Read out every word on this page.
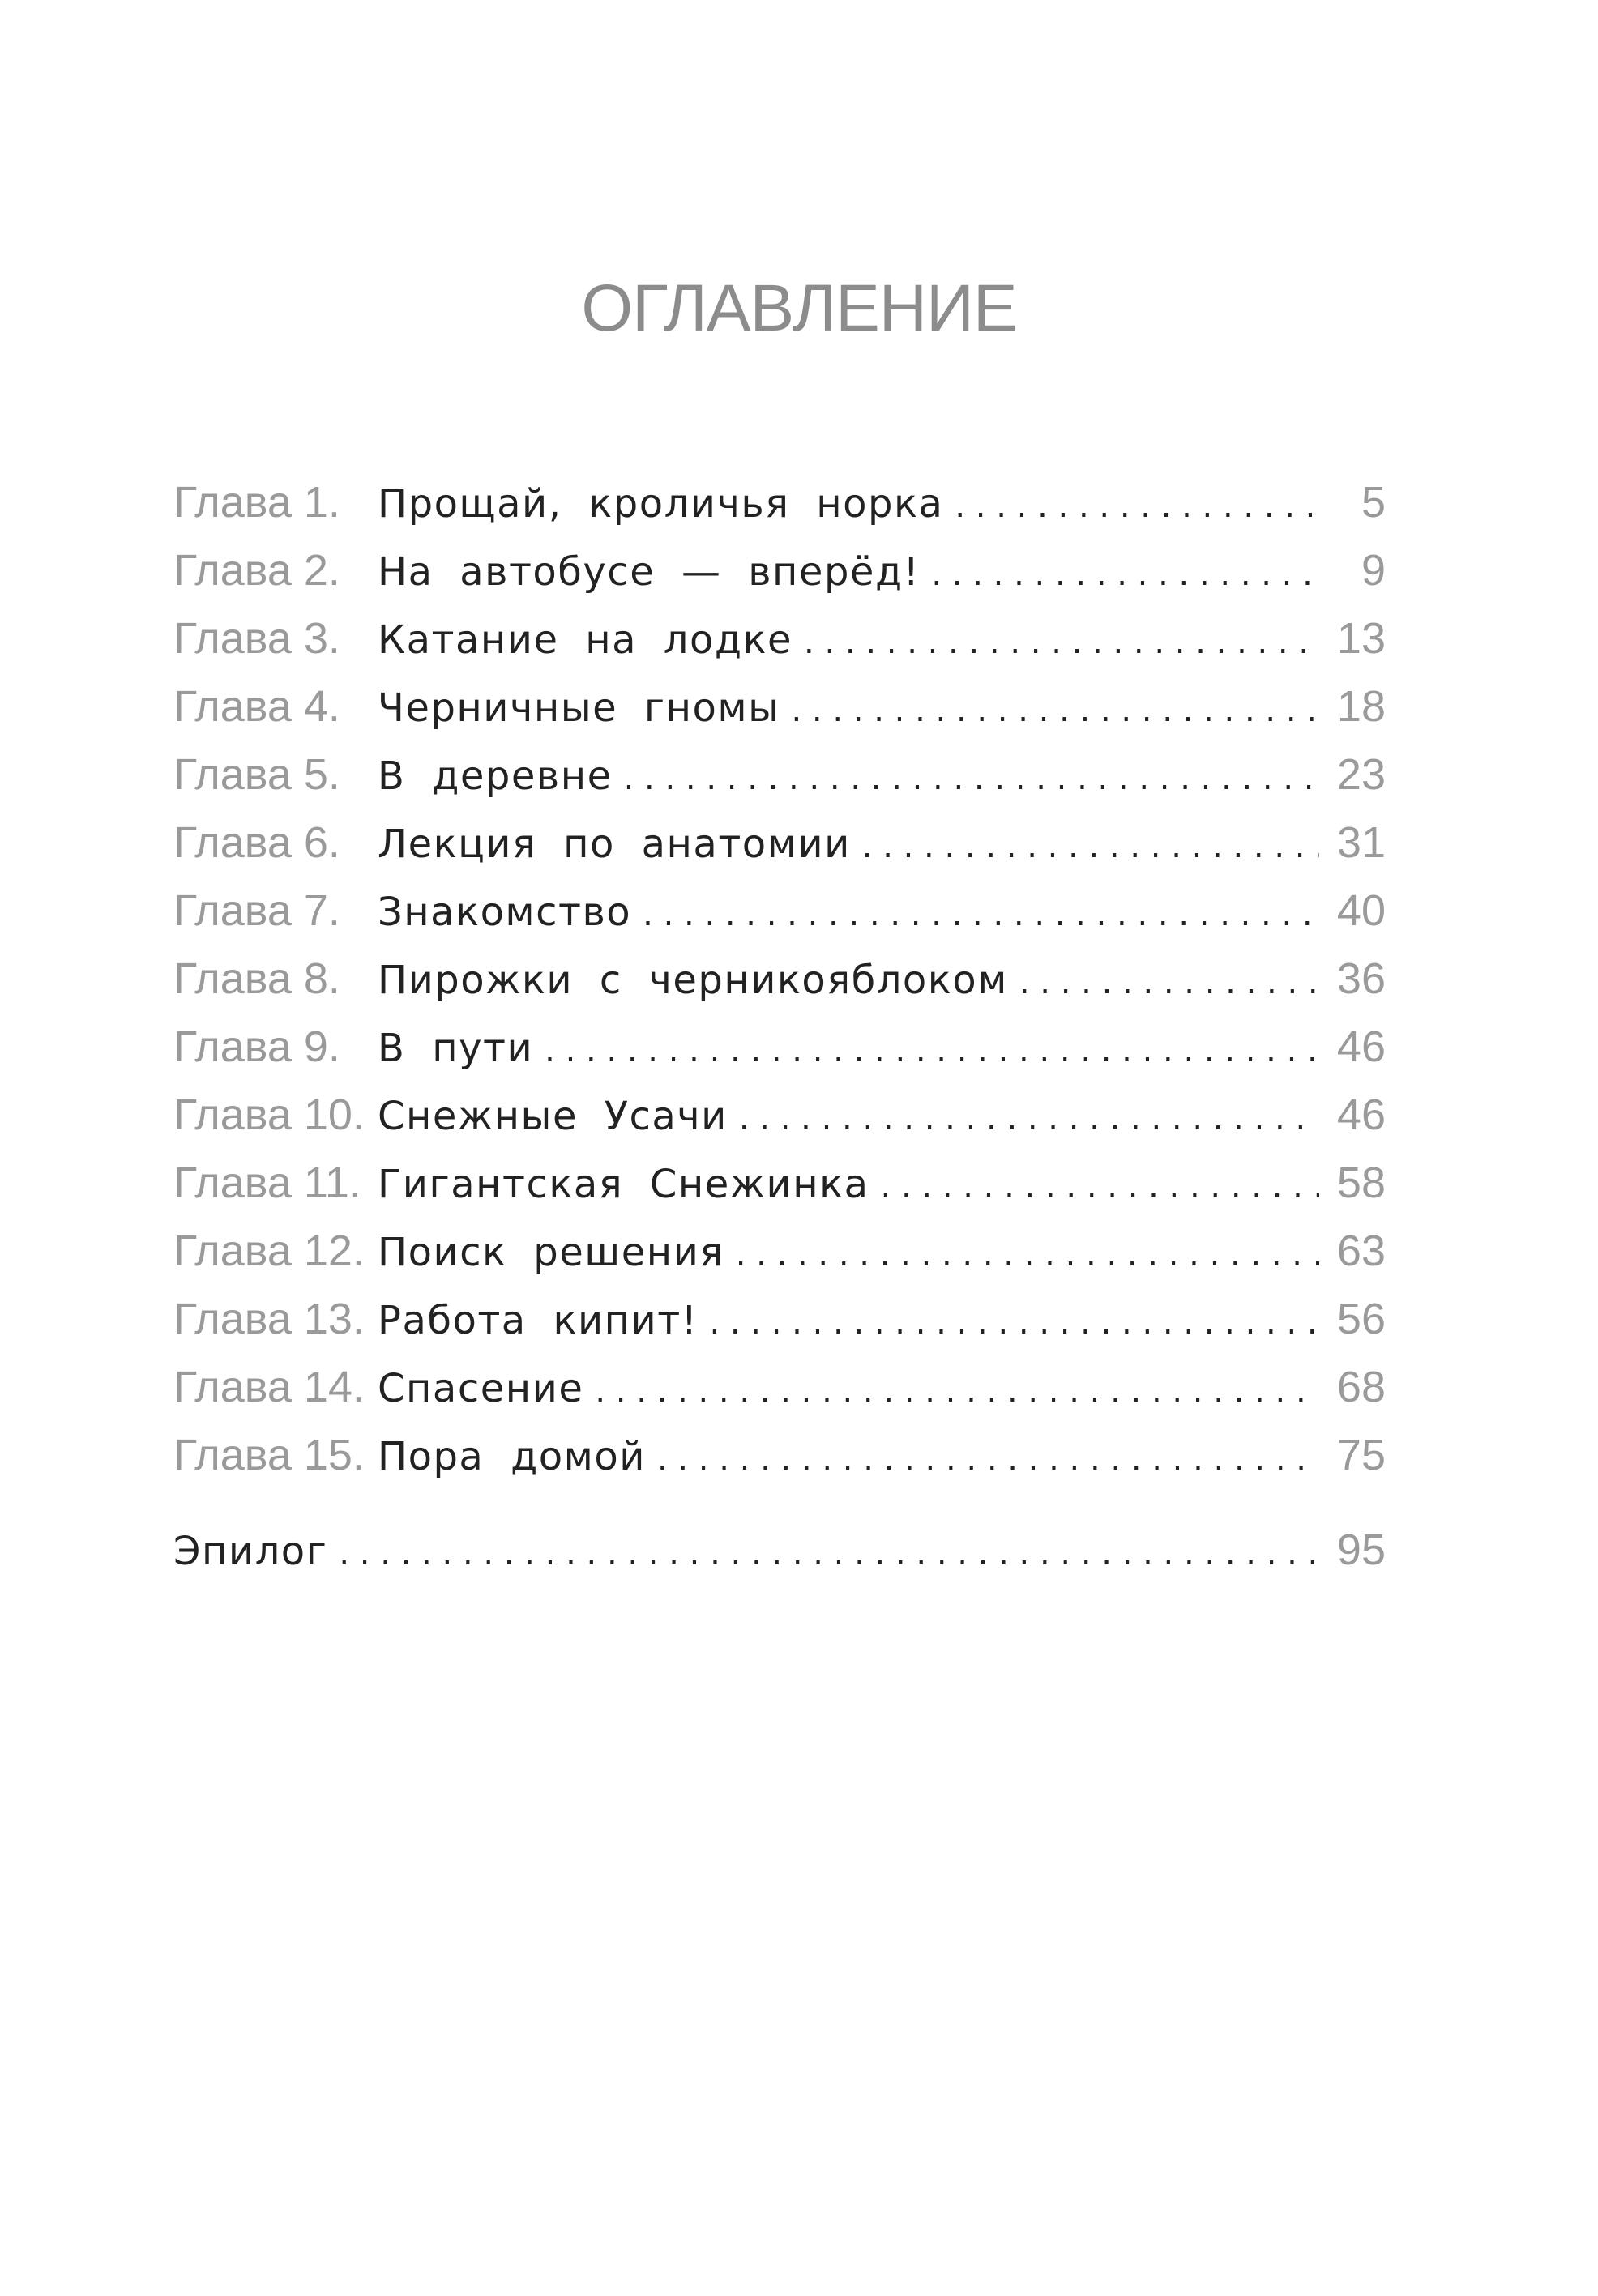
ОГЛАВЛЕНИЕ
Глава 1. Прощай, кроличья норка . . .	5
Глава 2. На автобусе — вперёд! . . .	9
Глава 3. Катание на лодке . . .	13
Глава 4. Черничные гномы . . .	18
Глава 5. В деревне . . .	23
Глава 6. Лекция по анатомии . . .	31
Глава 7. Знакомство . . .	40
Глава 8. Пирожки с черникояблоком . . .	36
Глава 9. В пути . . .	46
Глава 10. Снежные Усачи . . .	46
Глава 11. Гигантская Снежинка . . .	58
Глава 12. Поиск решения . . .	63
Глава 13. Работа кипит! . . .	56
Глава 14. Спасение . . .	68
Глава 15. Пора домой . . .	75
Эпилог . . .	95
